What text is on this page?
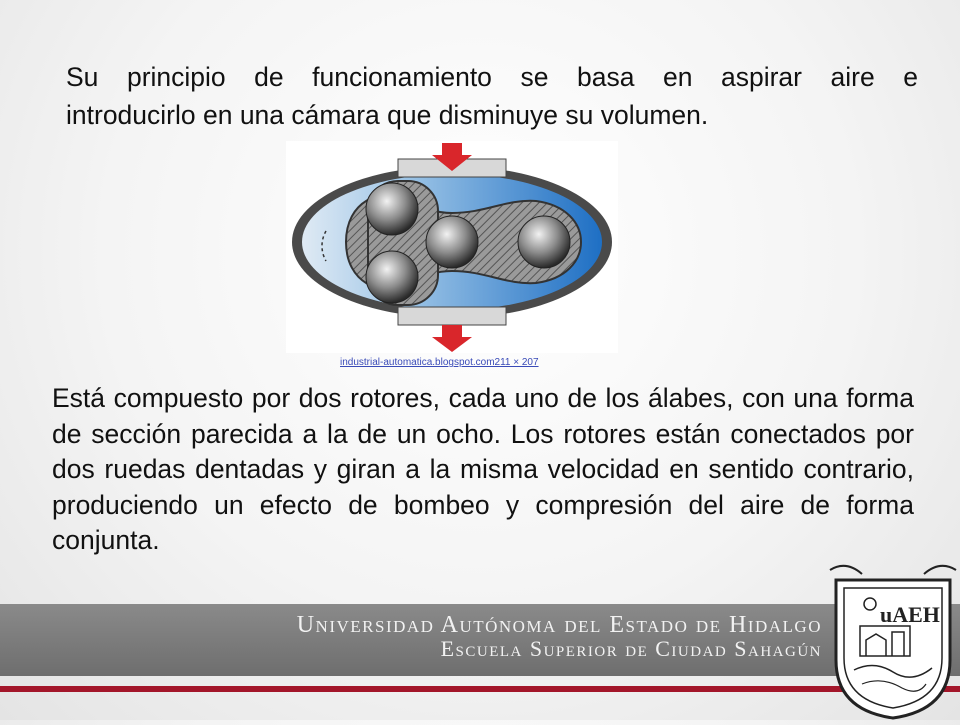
Su principio de funcionamiento se basa en aspirar aire e
introducirlo en una cámara que disminuye su volumen.
industrial-automatica.blogspot.com211 × 207
Está compuesto por dos rotores, cada uno de los álabes, con una forma de sección parecida a la de un ocho. Los rotores están conectados por dos ruedas dentadas y giran a la misma velocidad en sentido contrario, produciendo un efecto de bombeo y compresión del aire de forma conjunta.
Universidad Autónoma del Estado de Hidalgo
Escuela Superior de Ciudad Sahagún
uAEH
